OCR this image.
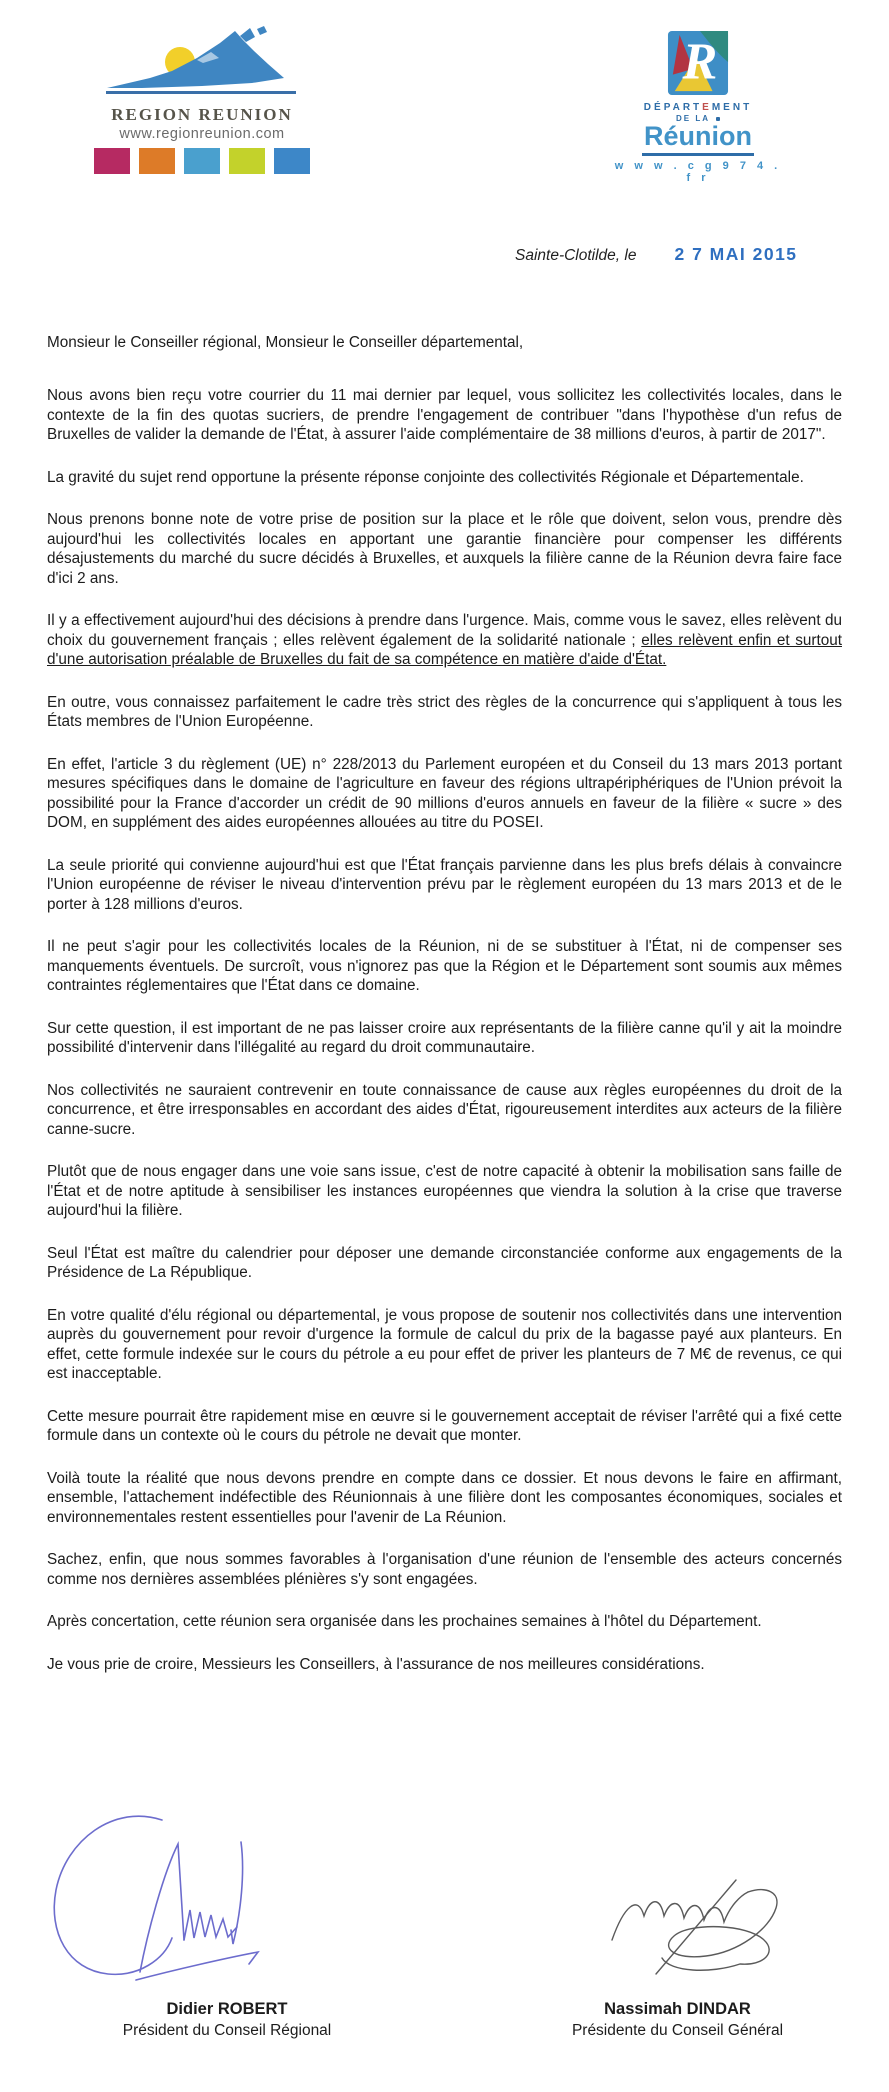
REGION REUNION
www.regionreunion.com
R
DÉPARTEMENT
DE LA
Réunion
w w w . c g 9 7 4 . f r
Sainte-Clotilde, le 2 7 MAI 2015
Monsieur le Conseiller régional, Monsieur le Conseiller départemental,
Nous avons bien reçu votre courrier du 11 mai dernier par lequel, vous sollicitez les collectivités locales, dans le contexte de la fin des quotas sucriers, de prendre l'engagement de contribuer "dans l'hypothèse d'un refus de Bruxelles de valider la demande de l'État, à assurer l'aide complémentaire de 38 millions d'euros, à partir de 2017".
La gravité du sujet rend opportune la présente réponse conjointe des collectivités Régionale et Départementale.
Nous prenons bonne note de votre prise de position sur la place et le rôle que doivent, selon vous, prendre dès aujourd'hui les collectivités locales en apportant une garantie financière pour compenser les différents désajustements du marché du sucre décidés à Bruxelles, et auxquels la filière canne de la Réunion devra faire face d'ici 2 ans.
Il y a effectivement aujourd'hui des décisions à prendre dans l'urgence. Mais, comme vous le savez, elles relèvent du choix du gouvernement français ; elles relèvent également de la solidarité nationale ; elles relèvent enfin et surtout d'une autorisation préalable de Bruxelles du fait de sa compétence en matière d'aide d'État.
En outre, vous connaissez parfaitement le cadre très strict des règles de la concurrence qui s'appliquent à tous les États membres de l'Union Européenne.
En effet, l'article 3 du règlement (UE) n° 228/2013 du Parlement européen et du Conseil du 13 mars 2013 portant mesures spécifiques dans le domaine de l'agriculture en faveur des régions ultrapériphériques de l'Union prévoit la possibilité pour la France d'accorder un crédit de 90 millions d'euros annuels en faveur de la filière « sucre » des DOM, en supplément des aides européennes allouées au titre du POSEI.
La seule priorité qui convienne aujourd'hui est que l'État français parvienne dans les plus brefs délais à convaincre l'Union européenne de réviser le niveau d'intervention prévu par le règlement européen du 13 mars 2013 et de le porter à 128 millions d'euros.
Il ne peut s'agir pour les collectivités locales de la Réunion, ni de se substituer à l'État, ni de compenser ses manquements éventuels. De surcroît, vous n'ignorez pas que la Région et le Département sont soumis aux mêmes contraintes réglementaires que l'État dans ce domaine.
Sur cette question, il est important de ne pas laisser croire aux représentants de la filière canne qu'il y ait la moindre possibilité d'intervenir dans l'illégalité au regard du droit communautaire.
Nos collectivités ne sauraient contrevenir en toute connaissance de cause aux règles européennes du droit de la concurrence, et être irresponsables en accordant des aides d'État, rigoureusement interdites aux acteurs de la filière canne-sucre.
Plutôt que de nous engager dans une voie sans issue, c'est de notre capacité à obtenir la mobilisation sans faille de l'État et de notre aptitude à sensibiliser les instances européennes que viendra la solution à la crise que traverse aujourd'hui la filière.
Seul l'État est maître du calendrier pour déposer une demande circonstanciée conforme aux engagements de la Présidence de La République.
En votre qualité d'élu régional ou départemental, je vous propose de soutenir nos collectivités dans une intervention auprès du gouvernement pour revoir d'urgence la formule de calcul du prix de la bagasse payé aux planteurs. En effet, cette formule indexée sur le cours du pétrole a eu pour effet de priver les planteurs de 7 M€ de revenus, ce qui est inacceptable.
Cette mesure pourrait être rapidement mise en œuvre si le gouvernement acceptait de réviser l'arrêté qui a fixé cette formule dans un contexte où le cours du pétrole ne devait que monter.
Voilà toute la réalité que nous devons prendre en compte dans ce dossier. Et nous devons le faire en affirmant, ensemble, l'attachement indéfectible des Réunionnais à une filière dont les composantes économiques, sociales et environnementales restent essentielles pour l'avenir de La Réunion.
Sachez, enfin, que nous sommes favorables à l'organisation d'une réunion de l'ensemble des acteurs concernés comme nos dernières assemblées plénières s'y sont engagées.
Après concertation, cette réunion sera organisée dans les prochaines semaines à l'hôtel du Département.
Je vous prie de croire, Messieurs les Conseillers, à l'assurance de nos meilleures considérations.
Didier ROBERT
Président du Conseil Régional
Nassimah DINDAR
Présidente du Conseil Général
